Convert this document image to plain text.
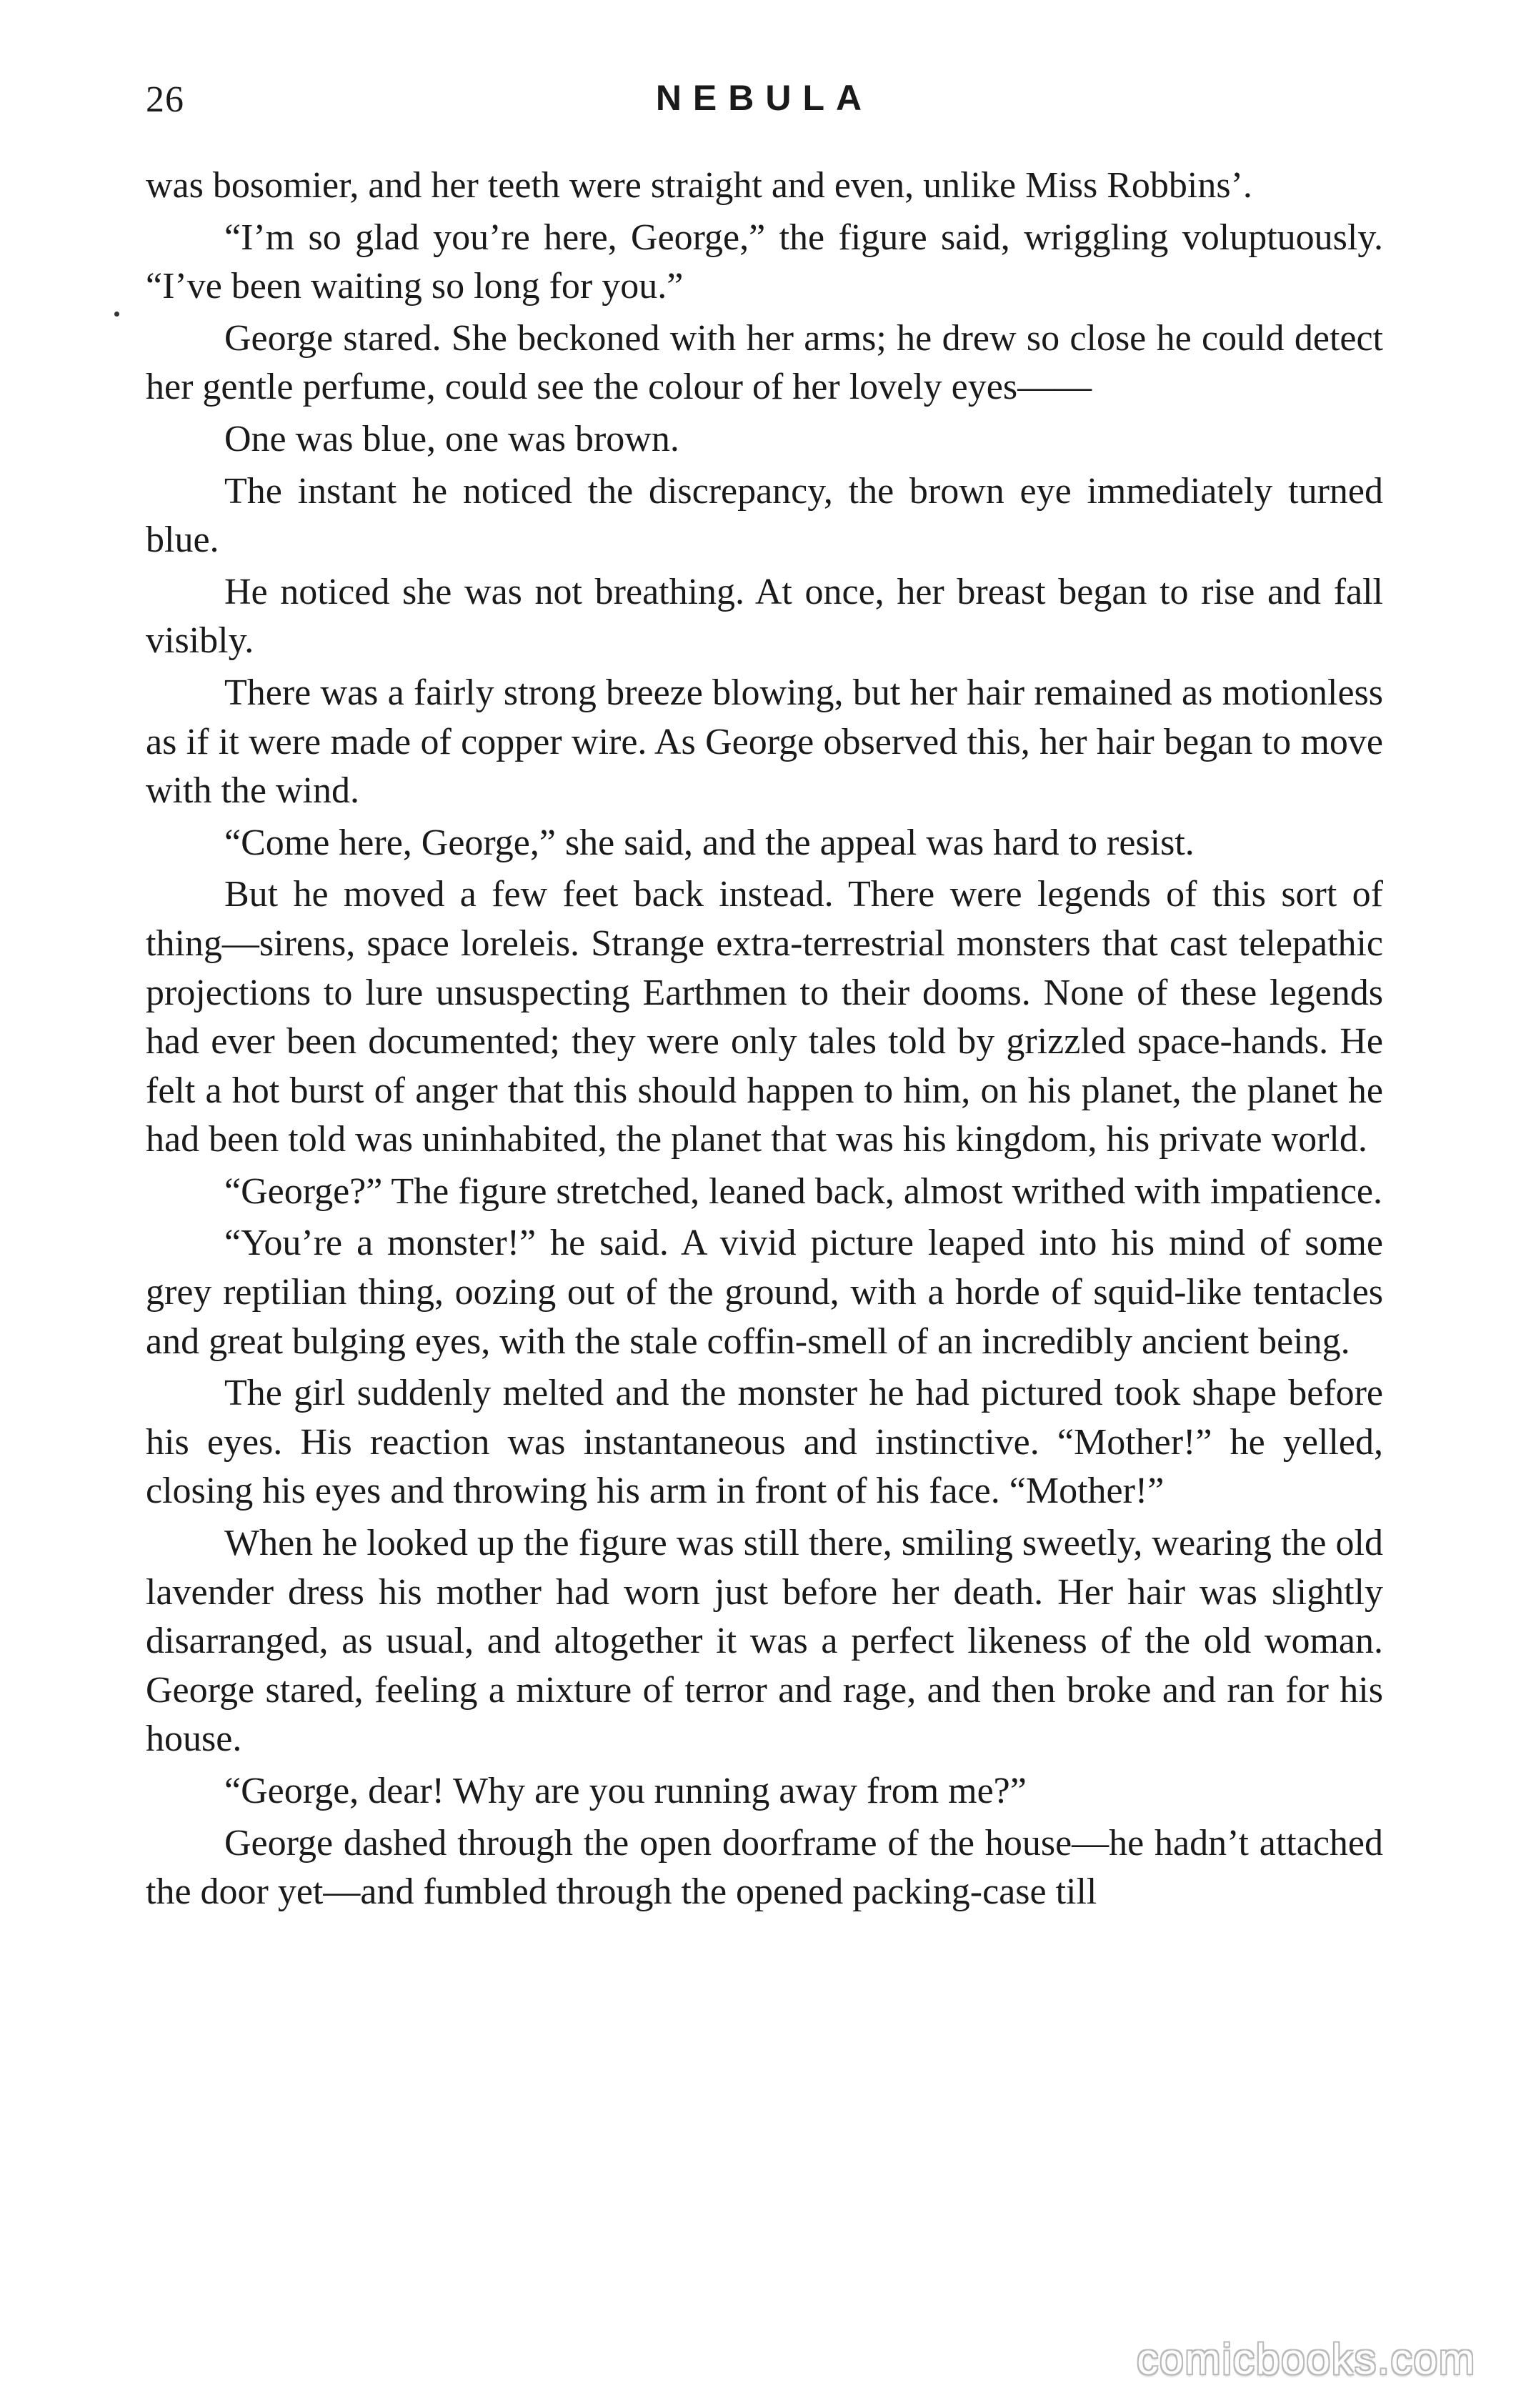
26	NEBULA

was bosomier, and her teeth were straight and even, unlike Miss Robbins’.

“I’m so glad you’re here, George,” the figure said, wriggling voluptuously. “I’ve been waiting so long for you.”

George stared. She beckoned with her arms; he drew so close he could detect her gentle perfume, could see the colour of her lovely eyes——

One was blue, one was brown.

The instant he noticed the discrepancy, the brown eye immediately turned blue.

He noticed she was not breathing. At once, her breast began to rise and fall visibly.

There was a fairly strong breeze blowing, but her hair remained as motionless as if it were made of copper wire. As George observed this, her hair began to move with the wind.

“Come here, George,” she said, and the appeal was hard to resist.

But he moved a few feet back instead. There were legends of this sort of thing—sirens, space loreleis. Strange extra-terrestrial monsters that cast telepathic projections to lure unsuspecting Earthmen to their dooms. None of these legends had ever been documented; they were only tales told by grizzled space-hands. He felt a hot burst of anger that this should happen to him, on his planet, the planet he had been told was uninhabited, the planet that was his kingdom, his private world.

“George?” The figure stretched, leaned back, almost writhed with impatience.

“You’re a monster!” he said. A vivid picture leaped into his mind of some grey reptilian thing, oozing out of the ground, with a horde of squid-like tentacles and great bulging eyes, with the stale coffin-smell of an incredibly ancient being.

The girl suddenly melted and the monster he had pictured took shape before his eyes. His reaction was instantaneous and instinctive. “Mother!” he yelled, closing his eyes and throwing his arm in front of his face. “Mother!”

When he looked up the figure was still there, smiling sweetly, wearing the old lavender dress his mother had worn just before her death. Her hair was slightly disarranged, as usual, and altogether it was a perfect likeness of the old woman. George stared, feeling a mixture of terror and rage, and then broke and ran for his house.

“George, dear! Why are you running away from me?”

George dashed through the open doorframe of the house—he hadn’t attached the door yet—and fumbled through the opened packing-case till

comicbooks.com
